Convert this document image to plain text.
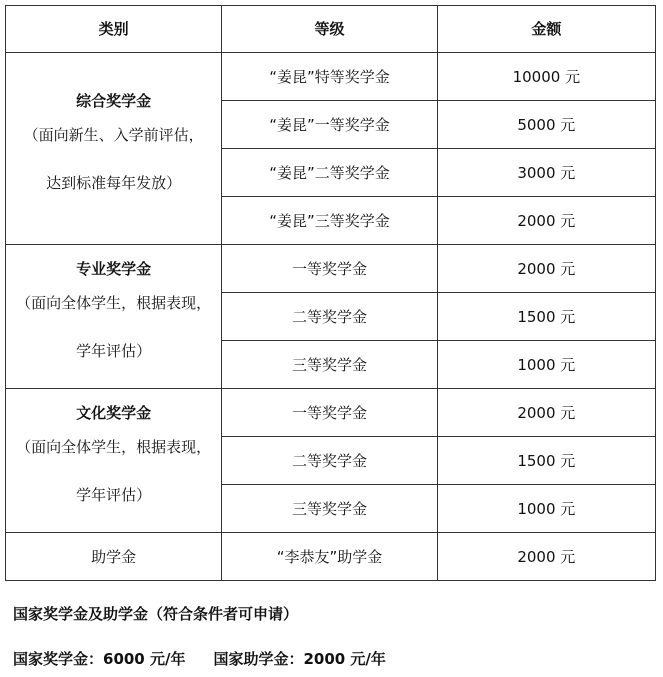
类别	等级	金额

综合奖学金
（面向新生、入学前评估，
达到标准每年发放）	“姜昆”特等奖学金	10000 元
	“姜昆”一等奖学金	5000 元
	“姜昆”二等奖学金	3000 元
	“姜昆”三等奖学金	2000 元

专业奖学金
（面向全体学生，根据表现，
学年评估）	一等奖学金	2000 元
	二等奖学金	1500 元
	三等奖学金	1000 元

文化奖学金
（面向全体学生，根据表现，
学年评估）	一等奖学金	2000 元
	二等奖学金	1500 元
	三等奖学金	1000 元
助学金	“李恭友”助学金	2000 元
国家奖学金及助学金（符合条件者可申请）
国家奖学金：6000 元/年 国家助学金：2000 元/年
